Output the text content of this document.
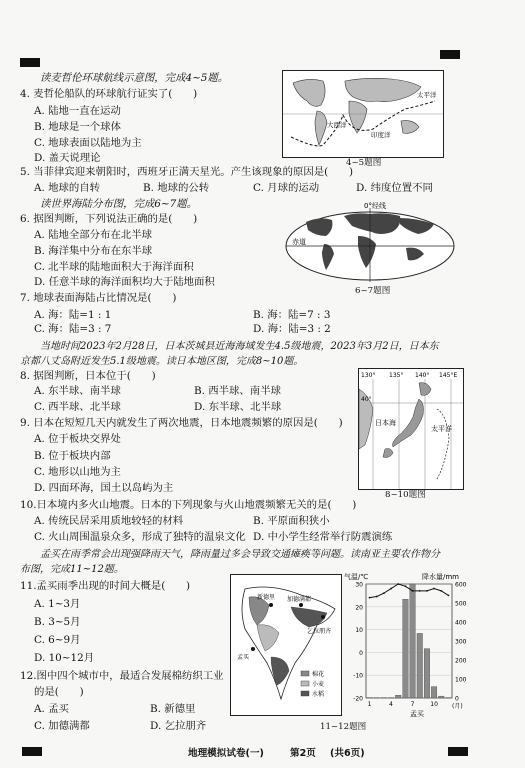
读麦哲伦环球航线示意图，完成4~5题。
4. 麦哲伦船队的环球航行证实了(　　)
A. 陆地一直在运动
B. 地球是一个球体
C. 地球表面以陆地为主
D. 盖天说理论
太平洋
大西洋
印度洋
4~5题图
5. 当菲律宾迎来朝阳时，西班牙正满天星光。产生该现象的原因是(　　)
A. 地球的自转	B. 地球的公转	C. 月球的运动	D. 纬度位置不同
读世界海陆分布图，完成6~7题。
6. 据图判断，下列说法正确的是(　　)
A. 陆地全部分布在北半球
B. 海洋集中分布在东半球
C. 北半球的陆地面积大于海洋面积
D. 任意半球的海洋面积均大于陆地面积
0°经线
赤道
6~7题图
7. 地球表面海陆占比情况是(　　)
A. 海：陆=1 : 1	B. 海：陆=7 : 3
C. 海：陆=3 : 7	D. 海：陆=3 : 2
当地时间2023年2月28日，日本茨城县近海海域发生4.5级地震，2023年3月2日，日本东
京都八丈岛附近发生5.1级地震。读日本地区图，完成8~10题。
8. 据图判断，日本位于(　　)
A. 东半球、南半球	B. 西半球、南半球
C. 西半球、北半球	D. 东半球、北半球
130° 135° 140° 145°E
40°
日本海
太平洋
8~10题图
9. 日本在短短几天内就发生了两次地震，日本地震频繁的原因是(　　)
A. 位于板块交界处
B. 位于板块内部
C. 地形以山地为主
D. 四面环海，国土以岛屿为主
10.日本境内多火山地震。日本的下列现象与火山地震频繁无关的是(　　)
A. 传统民居采用质地较轻的材料	B. 平原面积狭小
C. 火山周围温泉众多，形成了独特的温泉文化 D. 中小学生经常举行防震演练
孟买在雨季常会出现强降雨天气，降雨量过多会导致交通瘫痪等问题。读南亚主要农作物分
布图，完成11~12题。
11.孟买雨季出现的时间大概是(　　)
A. 1~3月
B. 3~5月
C. 6~9月
D. 10~12月
12.图中四个城市中，最适合发展棉纺织工业
的是(　　)
A. 孟买	B. 新德里
C. 加德满都	D. 乞拉朋齐
新德里 加德满都
乞拉朋齐
孟买
棉花
小麦
水稻
气温/℃	降水量/mm
-20
-10
0
10
20
30
0
100
200
300
400
500
600
1	4	7	10
孟买
(月)
11~12题图
地理模拟试卷(一)	第2页 (共6页)
